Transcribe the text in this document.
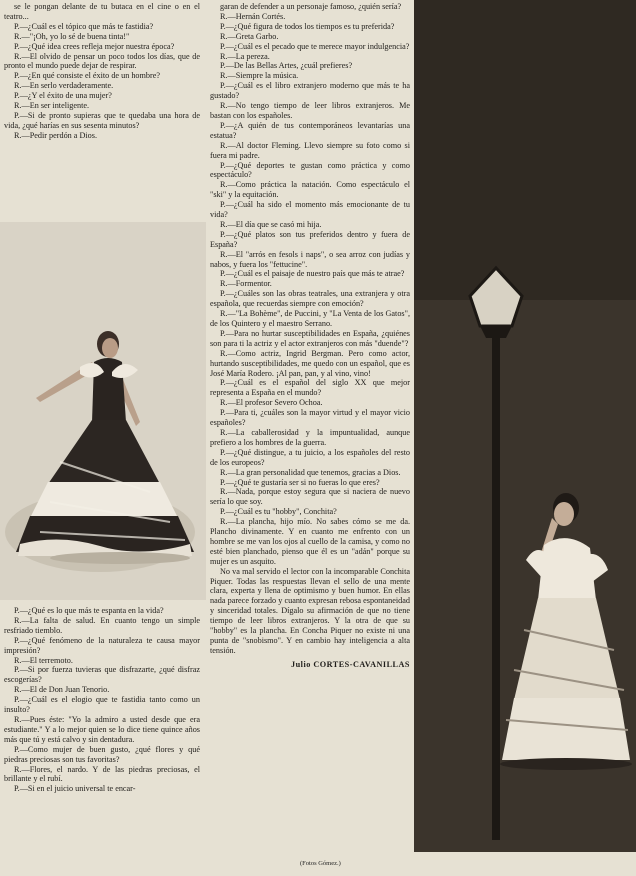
se le pongan delante de tu butaca en el cine o en el teatro...

P.—¿Cuál es el tópico que más te fastidia?

R.—"¡Oh, yo lo sé de buena tinta!"

P.—¿Qué idea crees refleja mejor nuestra época?

R.—El olvido de pensar un poco todos los días, que de pronto el mundo puede dejar de respirar.

P.—¿En qué consiste el éxito de un hombre?

R.—En serlo verdaderamente.

P.—¿Y el éxito de una mujer?

R.—En ser inteligente.

P.—Si de pronto supieras que te quedaba una hora de vida, ¿qué harías en sus sesenta minutos?

R.—Pedir perdón a Dios.

P.—¿Qué es lo que más te espanta en la vida?

R.—La falta de salud. En cuanto tengo un simple resfriado tiemblo.

P.—¿Qué fenómeno de la naturaleza te causa mayor impresión?

R.—El terremoto.

P.—Si por fuerza tuvieras que disfrazarte, ¿qué disfraz escogerías?

R.—El de Don Juan Tenorio.

P.—¿Cuál es el elogio que te fastidia tanto como un insulto?

R.—Pues éste: "Yo la admiro a usted desde que era estudiante." Y a lo mejor quien se lo dice tiene quince años más que tú y está calvo y sin dentadura.

P.—Como mujer de buen gusto, ¿qué flores y qué piedras preciosas son tus favoritas?

R.—Flores, el nardo. Y de las piedras preciosas, el brillante y el rubí.

P.—Si en el juicio universal te encar-

garan de defender a un personaje famoso, ¿quién sería?

R.—Hernán Cortés.

P.—¿Qué figura de todos los tiempos es tu preferida?

R.—Greta Garbo.

P.—¿Cuál es el pecado que te merece mayor indulgencia?

R.—La pereza.

P.—De las Bellas Artes, ¿cuál prefieres?

R.—Siempre la música.

P.—¿Cuál es el libro extranjero moderno que más te ha gustado?

R.—No tengo tiempo de leer libros extranjeros. Me bastan con los españoles.

P.—¿A quién de tus contemporáneos levantarías una estatua?

R.—Al doctor Fleming. Llevo siempre su foto como si fuera mi padre.

P.—¿Qué deportes te gustan como práctica y como espectáculo?

R.—Como práctica la natación. Como espectáculo el "ski" y la equitación.

P.—¿Cuál ha sido el momento más emocionante de tu vida?

R.—El día que se casó mi hija.

P.—¿Qué platos son tus preferidos dentro y fuera de España?

R.—El "arrós en fesols i naps", o sea arroz con judías y nabos, y fuera los "fettucine".

P.—¿Cuál es el paisaje de nuestro país que más te atrae?

R.—Formentor.

P.—¿Cuáles son las obras teatrales, una extranjera y otra española, que recuerdas siempre con emoción?

R.—"La Bohème", de Puccini, y "La Venta de los Gatos", de los Quintero y el maestro Serrano.

P.—Para no hurtar susceptibilidades en España, ¿quiénes son para ti la actriz y el actor extranjeros con más "duende"?

R.—Como actriz, Ingrid Bergman. Pero como actor, hurtando susceptibilidades, me quedo con un español, que es José María Rodero. ¡Al pan, pan, y al vino, vino!

P.—¿Cuál es el español del siglo XX que mejor representa a España en el mundo?

R.—El profesor Severo Ochoa.

P.—Para ti, ¿cuáles son la mayor virtud y el mayor vicio españoles?

R.—La caballerosidad y la impuntualidad, aunque prefiero a los hombres de la guerra.

P.—¿Qué distingue, a tu juicio, a los españoles del resto de los europeos?

R.—La gran personalidad que tenemos, gracias a Dios.

P.—¿Qué te gustaría ser si no fueras lo que eres?

R.—Nada, porque estoy segura que si naciera de nuevo sería lo que soy.

P.—¿Cuál es tu "hobby", Conchita?

R.—La plancha, hijo mío. No sabes cómo se me da. Plancho divinamente. Y en cuanto me enfrento con un hombre se me van los ojos al cuello de la camisa, y como no esté bien planchado, pienso que él es un "adán" porque su mujer es un asquito.

No va mal servido el lector con la incomparable Conchita Piquer. Todas las respuestas llevan el sello de una mente clara, experta y llena de optimismo y buen humor. En ellas nada parece forzado y cuanto expresan rebosa espontaneidad y sinceridad totales. Dígalo su afirmación de que no tiene tiempo de leer libros extranjeros. Y la otra de que su "hobby" es la plancha. En Concha Piquer no existe ni una punta de "snobismo". Y en cambio hay inteligencia a alta tensión.

Julio CORTES-CAVANILLAS
(Fotos Gómez.)
